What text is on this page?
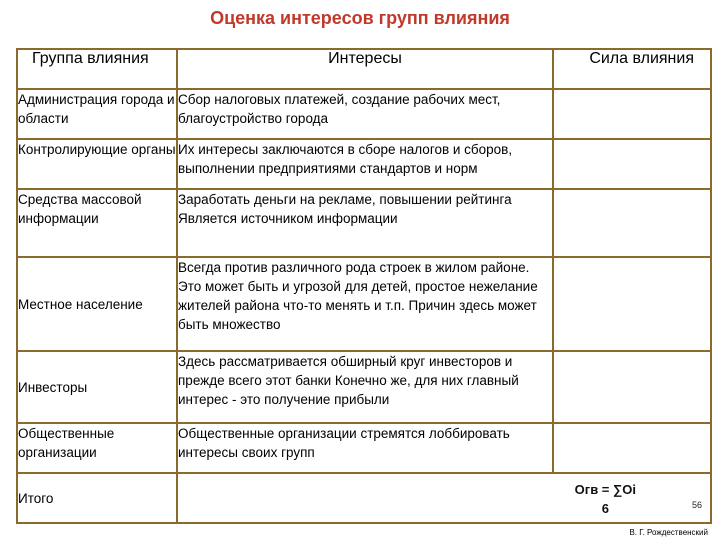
Оценка интересов групп влияния
Группа влияния	Интересы	Сила влияния
Администрация города и области	Сбор налоговых платежей, создание рабочих мест, благоустройство города	
Контролирующие органы	Их интересы заключаются в сборе налогов и сборов, выполнении предприятиями стандартов и норм	
Средства массовой информации	Заработать деньги на рекламе, повышении рейтинга Является источником информации	
Местное население	Всегда против различного рода строек в жилом районе. Это может быть и угрозой для детей, простое нежелание жителей района что-то менять и т.п. Причин здесь может быть множество	
Инвесторы	Здесь рассматривается обширный круг инвесторов и прежде всего этот банки Конечно же, для них главный интерес - это получение прибыли	
Общественные организации	Общественные организации стремятся лоббировать интересы своих групп	
Итого	Огв = ∑Оi
6 56	
В. Г. Рождественский
